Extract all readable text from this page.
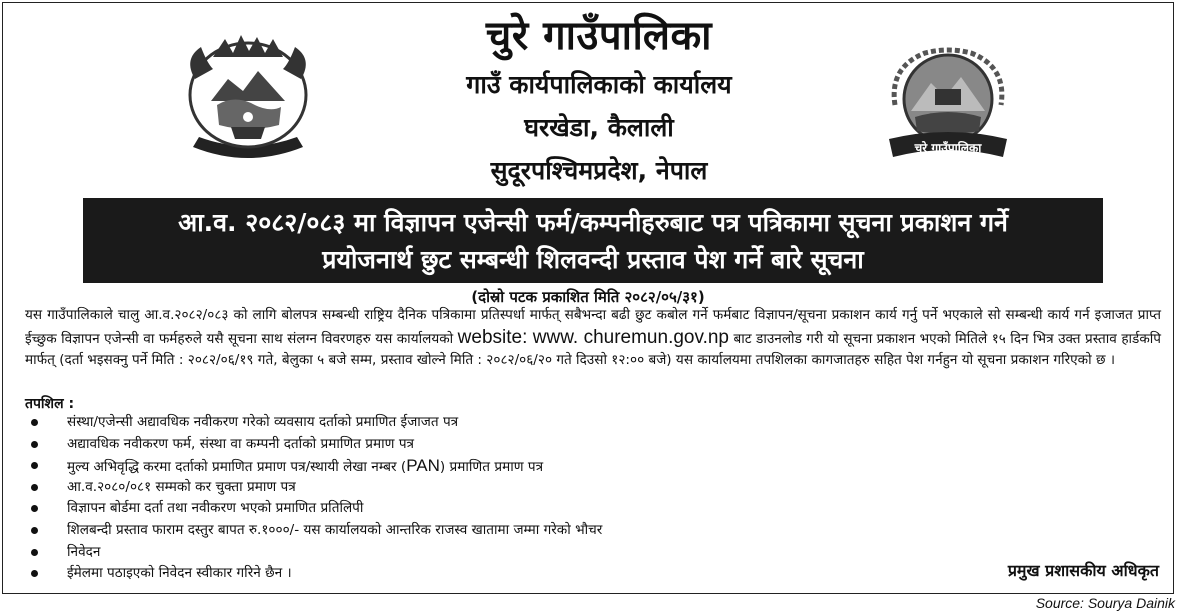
चुरे गाउँपालिका
गाउँ कार्यपालिकाको कार्यालय
घरखेडा, कैलाली
सुदूरपश्चिमप्रदेश, नेपाल
चुरे गाउँपालिका
आ.व. २०८२/०८३ मा विज्ञापन एजेन्सी फर्म/कम्पनीहरुबाट पत्र पत्रिकामा सूचना प्रकाशन गर्ने
प्रयोजनार्थ छुट सम्बन्धी शिलवन्दी प्रस्ताव पेश गर्ने बारे सूचना
(दोस्रो पटक प्रकाशित मिति २०८२/०५/३१)
यस गाउँपालिकाले चालु आ.व.२०८२/०८३ को लागि बोलपत्र सम्बन्धी राष्ट्रिय दैनिक पत्रिकामा प्रतिस्पर्धा मार्फत् सबैभन्दा बढी छुट कबोल गर्ने फर्मबाट विज्ञापन/सूचना प्रकाशन कार्य गर्नु पर्ने भएकाले सो सम्बन्धी कार्य गर्न इजाजत प्राप्त ईच्छुक विज्ञापन एजेन्सी वा फर्महरुले यसै सूचना साथ संलग्न विवरणहरु यस कार्यालयको website: www. churemun.gov.np बाट डाउनलोड गरी यो सूचना प्रकाशन भएको मितिले १५ दिन भित्र उक्त प्रस्ताव हार्डकपि मार्फत् (दर्ता भइसक्नु पर्ने मिति : २०८२/०६/१९ गते, बेलुका ५ बजे सम्म, प्रस्ताव खोल्ने मिति : २०८२/०६/२० गते दिउसो १२:०० बजे) यस कार्यालयमा तपशिलका कागजातहरु सहित पेश गर्नहुन यो सूचना प्रकाशन गरिएको छ ।
तपशिल :
संस्था/एजेन्सी अद्यावधिक नवीकरण गरेको व्यवसाय दर्ताको प्रमाणित ईजाजत पत्र
अद्यावधिक नवीकरण फर्म, संस्था वा कम्पनी दर्ताको प्रमाणित प्रमाण पत्र
मुल्य अभिवृद्धि करमा दर्ताको प्रमाणित प्रमाण पत्र/स्थायी लेखा नम्बर (PAN) प्रमाणित प्रमाण पत्र
आ.व.२०८०/०८१ सम्मको कर चुक्ता प्रमाण पत्र
विज्ञापन बोर्डमा दर्ता तथा नवीकरण भएको प्रमाणित प्रतिलिपी
शिलबन्दी प्रस्ताव फाराम दस्तुर बापत रु.१०००/- यस कार्यालयको आन्तरिक राजस्व खातामा जम्मा गरेको भौचर
निवेदन
ईमेलमा पठाइएको निवेदन स्वीकार गरिने छैन ।	प्रमुख प्रशासकीय अधिकृत
Source: Sourya Dainik
